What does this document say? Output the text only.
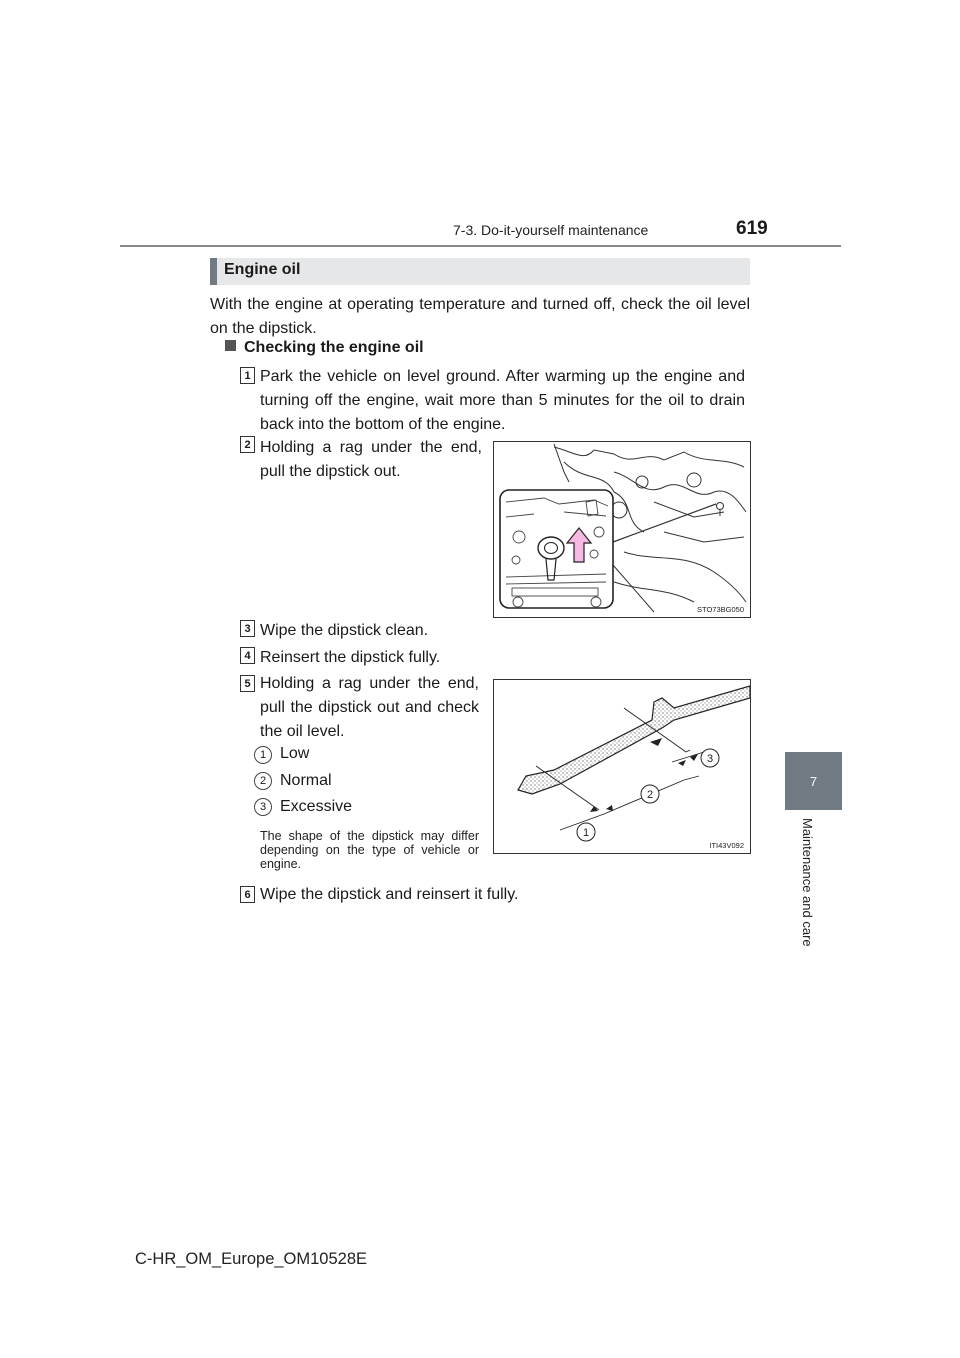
7-3. Do-it-yourself maintenance	619
7
Maintenance and care
Engine oil
With the engine at operating temperature and turned off, check the oil level on the dipstick.
Checking the engine oil
1 Park the vehicle on level ground. After warming up the engine and turning off the engine, wait more than 5 minutes for the oil to drain back into the bottom of the engine.
2 Holding a rag under the end, pull the dipstick out.
STO73BG050
3 Wipe the dipstick clean.
4 Reinsert the dipstick fully.
5 Holding a rag under the end, pull the dipstick out and check the oil level.
1 Low
2 Normal
3 Excessive
The shape of the dipstick may differ depending on the type of vehicle or engine.
1
2
3
ITI43V092
6 Wipe the dipstick and reinsert it fully.
C-HR_OM_Europe_OM10528E
